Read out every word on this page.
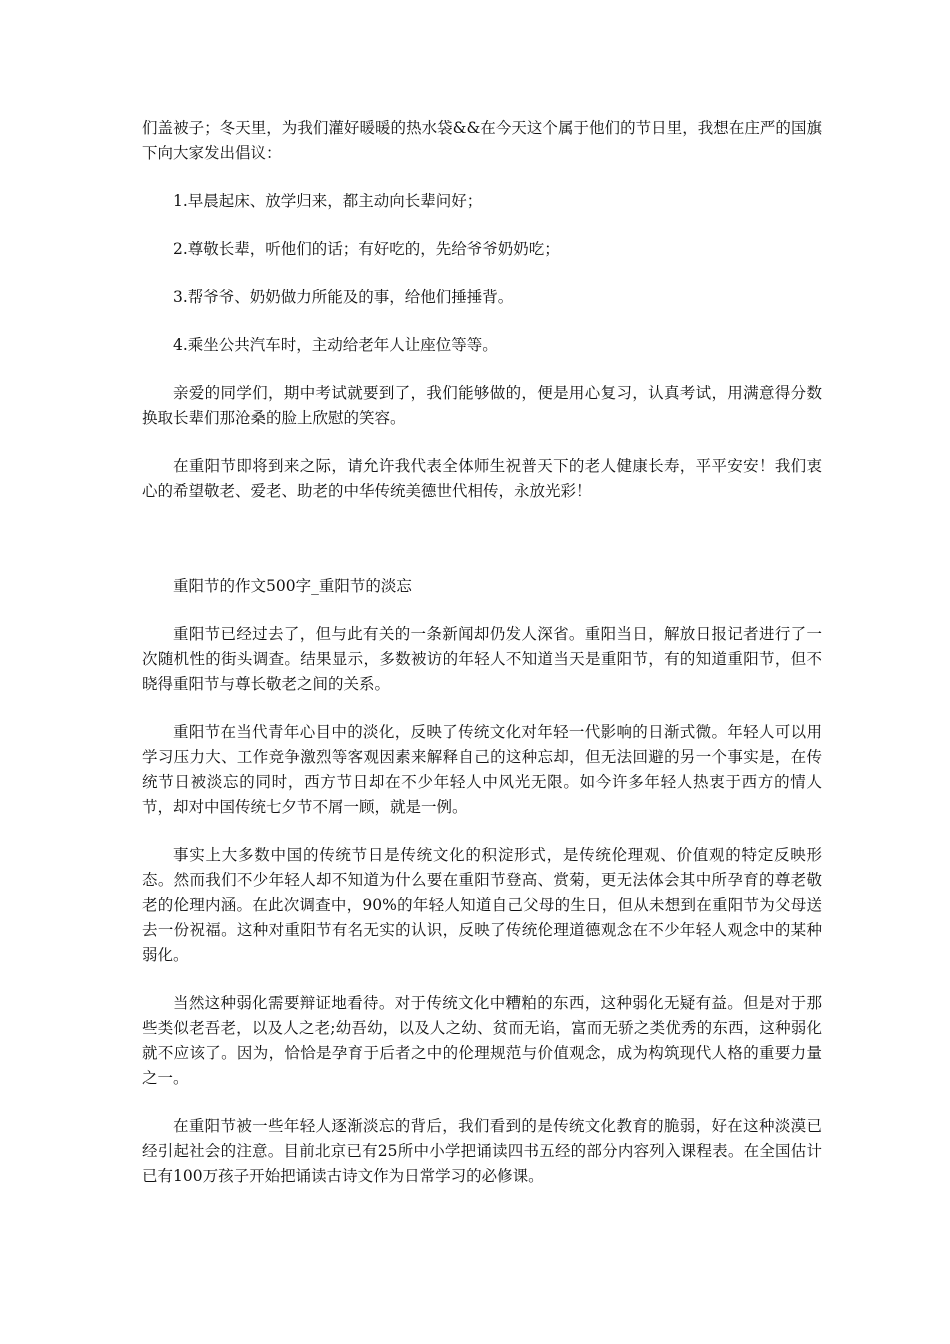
们盖被子；冬天里，为我们灌好暖暖的热水袋&&在今天这个属于他们的节日里，我想在庄严的国旗下向大家发出倡议：

1.早晨起床、放学归来，都主动向长辈问好；

2.尊敬长辈，听他们的话；有好吃的，先给爷爷奶奶吃；

3.帮爷爷、奶奶做力所能及的事，给他们捶捶背。

4.乘坐公共汽车时，主动给老年人让座位等等。

亲爱的同学们，期中考试就要到了，我们能够做的，便是用心复习，认真考试，用满意得分数换取长辈们那沧桑的脸上欣慰的笑容。

在重阳节即将到来之际，请允许我代表全体师生祝普天下的老人健康长寿，平平安安！我们衷心的希望敬老、爱老、助老的中华传统美德世代相传，永放光彩！

重阳节的作文500字_重阳节的淡忘

重阳节已经过去了，但与此有关的一条新闻却仍发人深省。重阳当日，解放日报记者进行了一次随机性的街头调查。结果显示，多数被访的年轻人不知道当天是重阳节，有的知道重阳节，但不晓得重阳节与尊长敬老之间的关系。

重阳节在当代青年心目中的淡化，反映了传统文化对年轻一代影响的日渐式微。年轻人可以用学习压力大、工作竞争激烈等客观因素来解释自己的这种忘却，但无法回避的另一个事实是，在传统节日被淡忘的同时，西方节日却在不少年轻人中风光无限。如今许多年轻人热衷于西方的情人节，却对中国传统七夕节不屑一顾，就是一例。

事实上大多数中国的传统节日是传统文化的积淀形式，是传统伦理观、价值观的特定反映形态。然而我们不少年轻人却不知道为什么要在重阳节登高、赏菊，更无法体会其中所孕育的尊老敬老的伦理内涵。在此次调查中，90%的年轻人知道自己父母的生日，但从未想到在重阳节为父母送去一份祝福。这种对重阳节有名无实的认识，反映了传统伦理道德观念在不少年轻人观念中的某种弱化。

当然这种弱化需要辩证地看待。对于传统文化中糟粕的东西，这种弱化无疑有益。但是对于那些类似老吾老，以及人之老;幼吾幼，以及人之幼、贫而无谄，富而无骄之类优秀的东西，这种弱化就不应该了。因为，恰恰是孕育于后者之中的伦理规范与价值观念，成为构筑现代人格的重要力量之一。

在重阳节被一些年轻人逐渐淡忘的背后，我们看到的是传统文化教育的脆弱，好在这种淡漠已经引起社会的注意。目前北京已有25所中小学把诵读四书五经的部分内容列入课程表。在全国估计已有100万孩子开始把诵读古诗文作为日常学习的必修课。
